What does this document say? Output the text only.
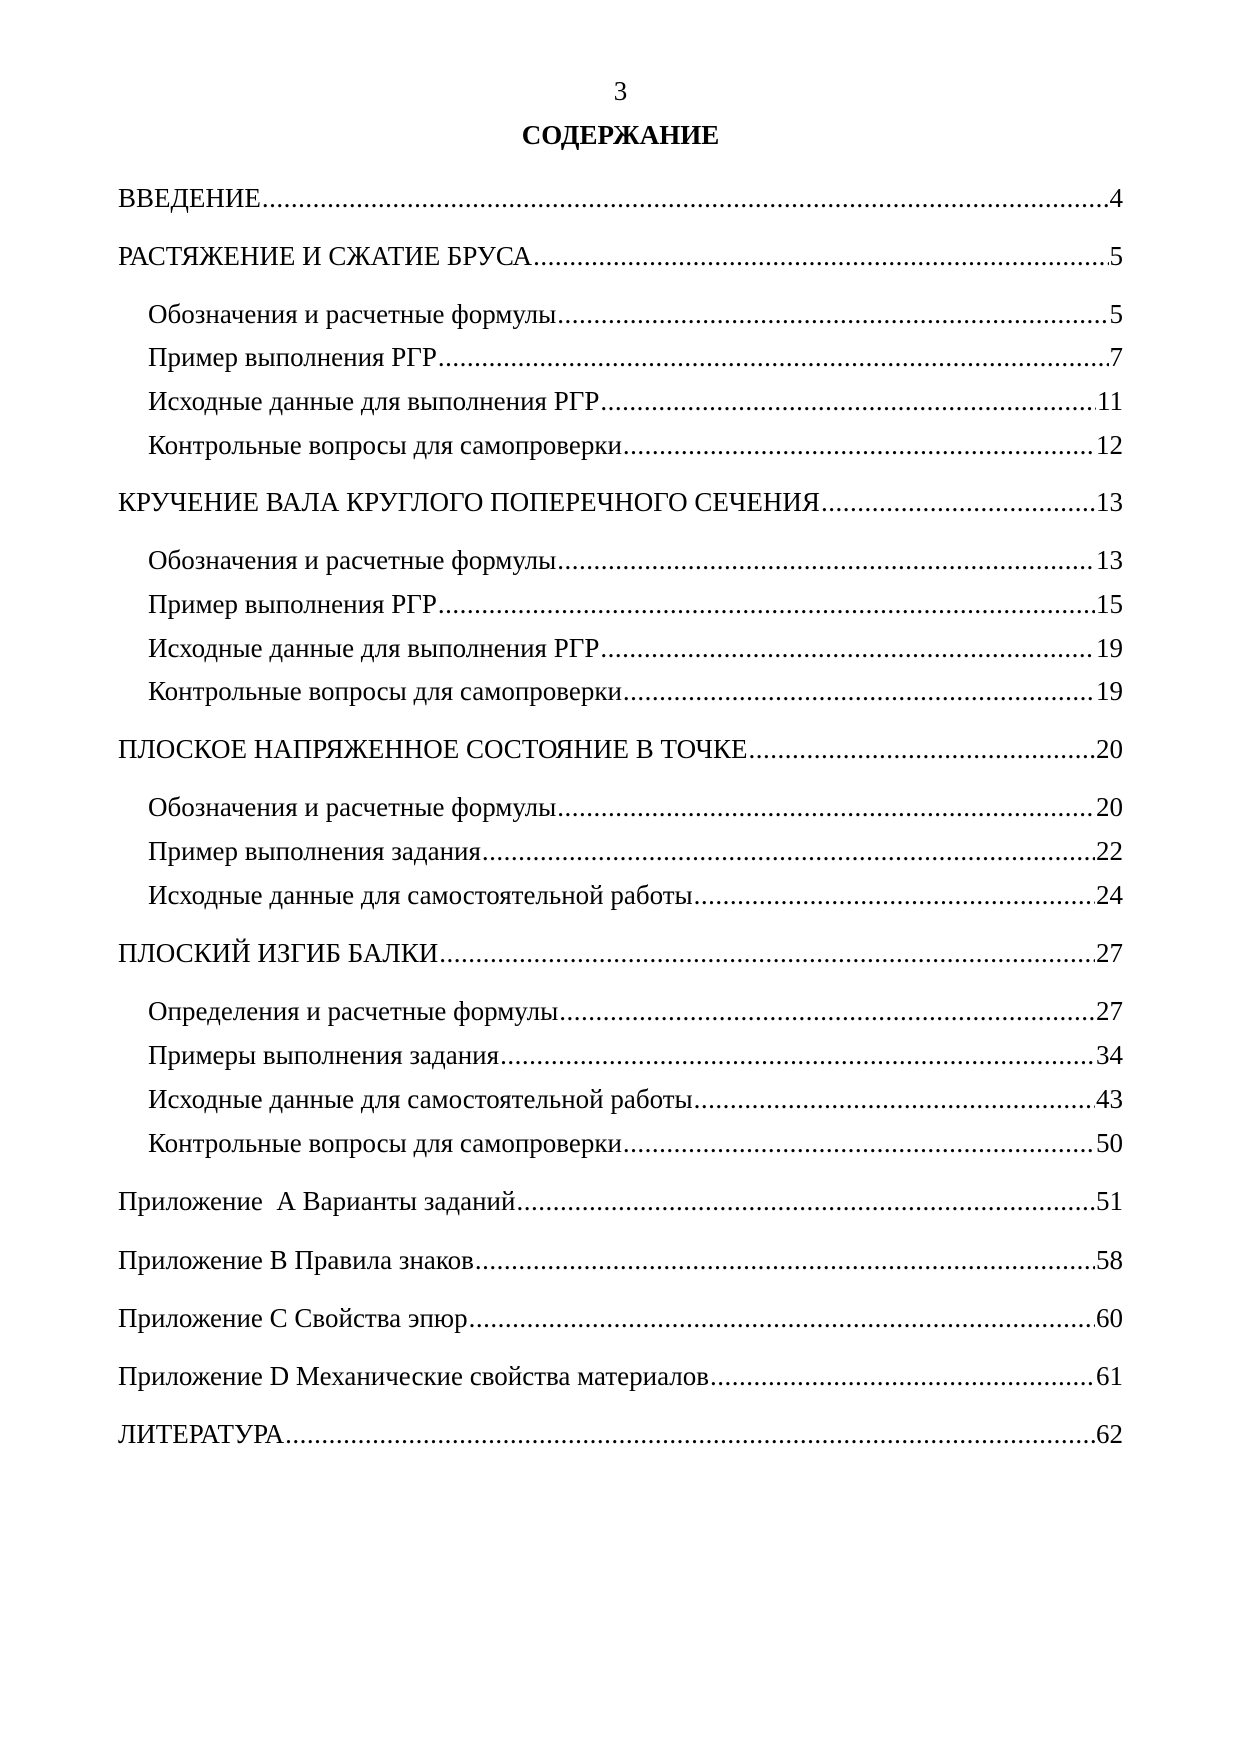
3
СОДЕРЖАНИЕ
ВВЕДЕНИЕ .....	4
РАСТЯЖЕНИЕ И СЖАТИЕ БРУСА .....	5
Обозначения и расчетные формулы .....	5
Пример выполнения РГР .....	7
Исходные данные для выполнения РГР .....	11
Контрольные вопросы для самопроверки .....	12
КРУЧЕНИЕ ВАЛА КРУГЛОГО ПОПЕРЕЧНОГО СЕЧЕНИЯ .....	13
Обозначения и расчетные формулы .....	13
Пример выполнения РГР .....	15
Исходные данные для выполнения РГР .....	19
Контрольные вопросы для самопроверки .....	19
ПЛОСКОЕ НАПРЯЖЕННОЕ СОСТОЯНИЕ В ТОЧКЕ .....	20
Обозначения и расчетные формулы .....	20
Пример выполнения задания .....	22
Исходные данные для самостоятельной работы .....	24
ПЛОСКИЙ ИЗГИБ БАЛКИ .....	27
Определения и расчетные формулы .....	27
Примеры выполнения задания .....	34
Исходные данные для самостоятельной работы .....	43
Контрольные вопросы для самопроверки .....	50
Приложение  А Варианты заданий .....	51
Приложение В Правила знаков .....	58
Приложение С Свойства эпюр .....	60
Приложение D Механические свойства материалов .....	61
ЛИТЕРАТУРА .....	62
